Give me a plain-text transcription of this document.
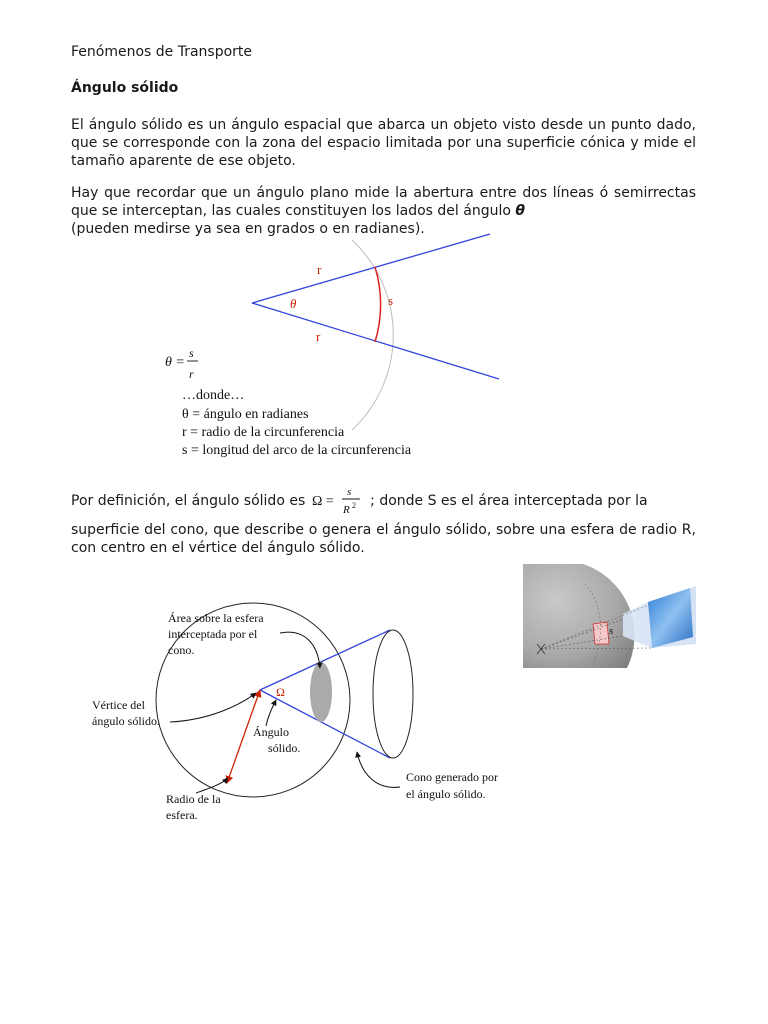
Fenómenos de Transporte
Ángulo sólido
El ángulo sólido es un ángulo espacial que abarca un objeto visto desde un punto dado, que se corresponde con la zona del espacio limitada por una superficie cónica y mide el tamaño aparente de ese objeto.
Hay que recordar que un ángulo plano mide la abertura entre dos líneas ó semirrectas que se interceptan, las cuales constituyen los lados del ángulo θ
(pueden medirse ya sea en grados o en radianes).
r
θ	s
r
θ =
s
r
…donde…
θ = ángulo en radianes
r = radio de la circunferencia
s = longitud del arco de la circunferencia
Por definición, el ángulo sólido es Ω =
s
R 2 ; donde S es el área interceptada por la
superficie del cono, que describe o genera el ángulo sólido, sobre una esfera de radio R, con centro en el vértice del ángulo sólido.
Área sobre la esfera
interceptada por el
cono.
Vértice del
ángulo sólido.
Ω
Ángulo
sólido.
Cono generado por
el ángulo sólido.
Radio de la
esfera.
s
